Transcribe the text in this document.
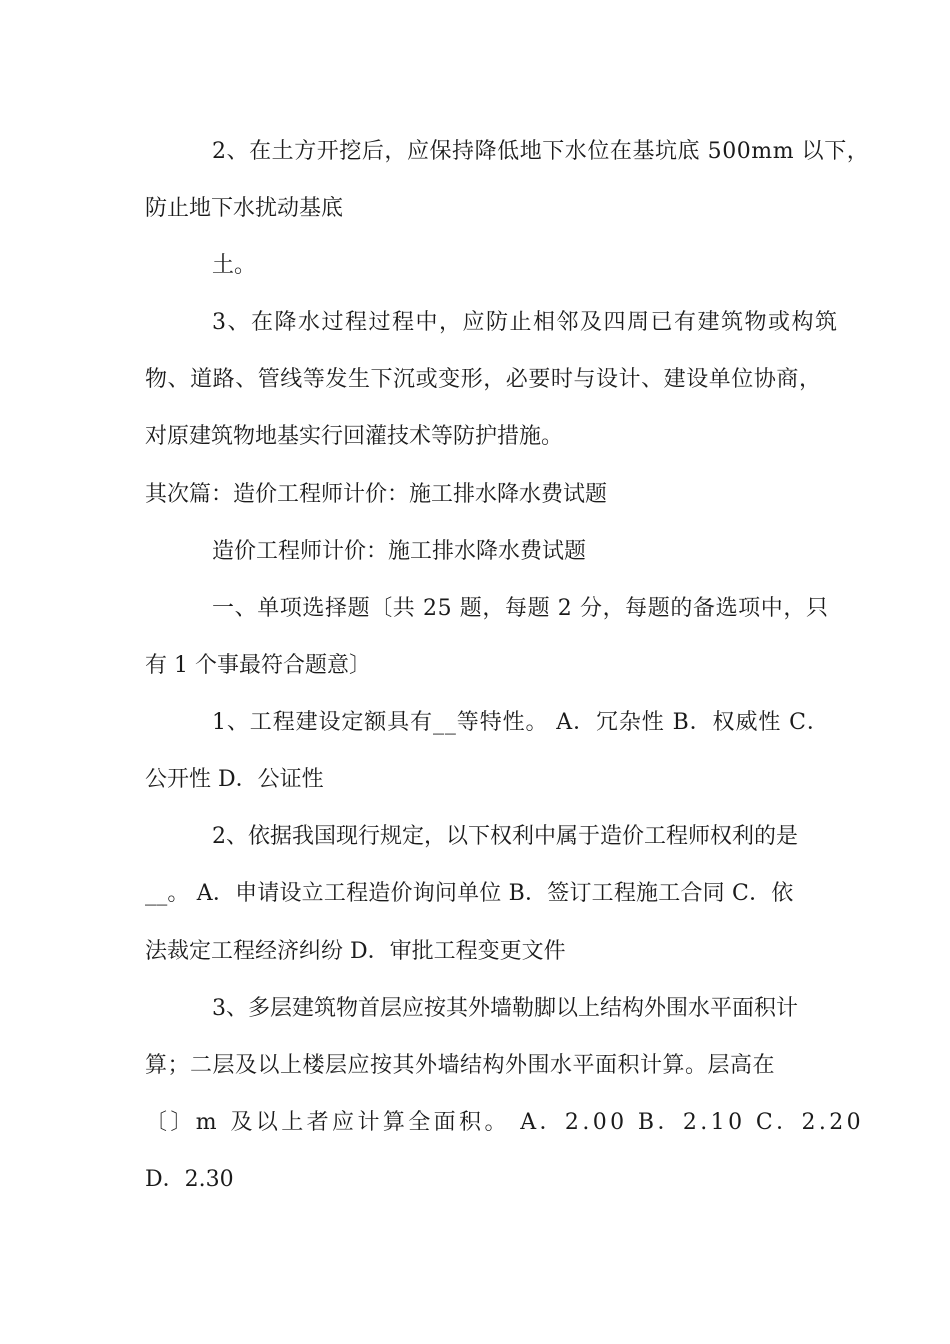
2、在土方开挖后，应保持降低地下水位在基坑底 500mm 以下，
防止地下水扰动基底
土。
3、在降水过程过程中，应防止相邻及四周已有建筑物或构筑
物、道路、管线等发生下沉或变形，必要时与设计、建设单位协商，
对原建筑物地基实行回灌技术等防护措施。
其次篇：造价工程师计价：施工排水降水费试题
造价工程师计价：施工排水降水费试题
一、单项选择题〔共 25 题，每题 2 分，每题的备选项中，只
有 1 个事最符合题意〕
1、工程建设定额具有__等特性。 A．冗杂性 B．权威性 C．
公开性 D．公证性
2、依据我国现行规定，以下权利中属于造价工程师权利的是
__。 A．申请设立工程造价询问单位 B．签订工程施工合同 C．依
法裁定工程经济纠纷 D．审批工程变更文件
3、多层建筑物首层应按其外墙勒脚以上结构外围水平面积计
算；二层及以上楼层应按其外墙结构外围水平面积计算。层高在
〔〕m 及以上者应计算全面积。 A．2.00 B．2.10 C．2.20
D．2.30
